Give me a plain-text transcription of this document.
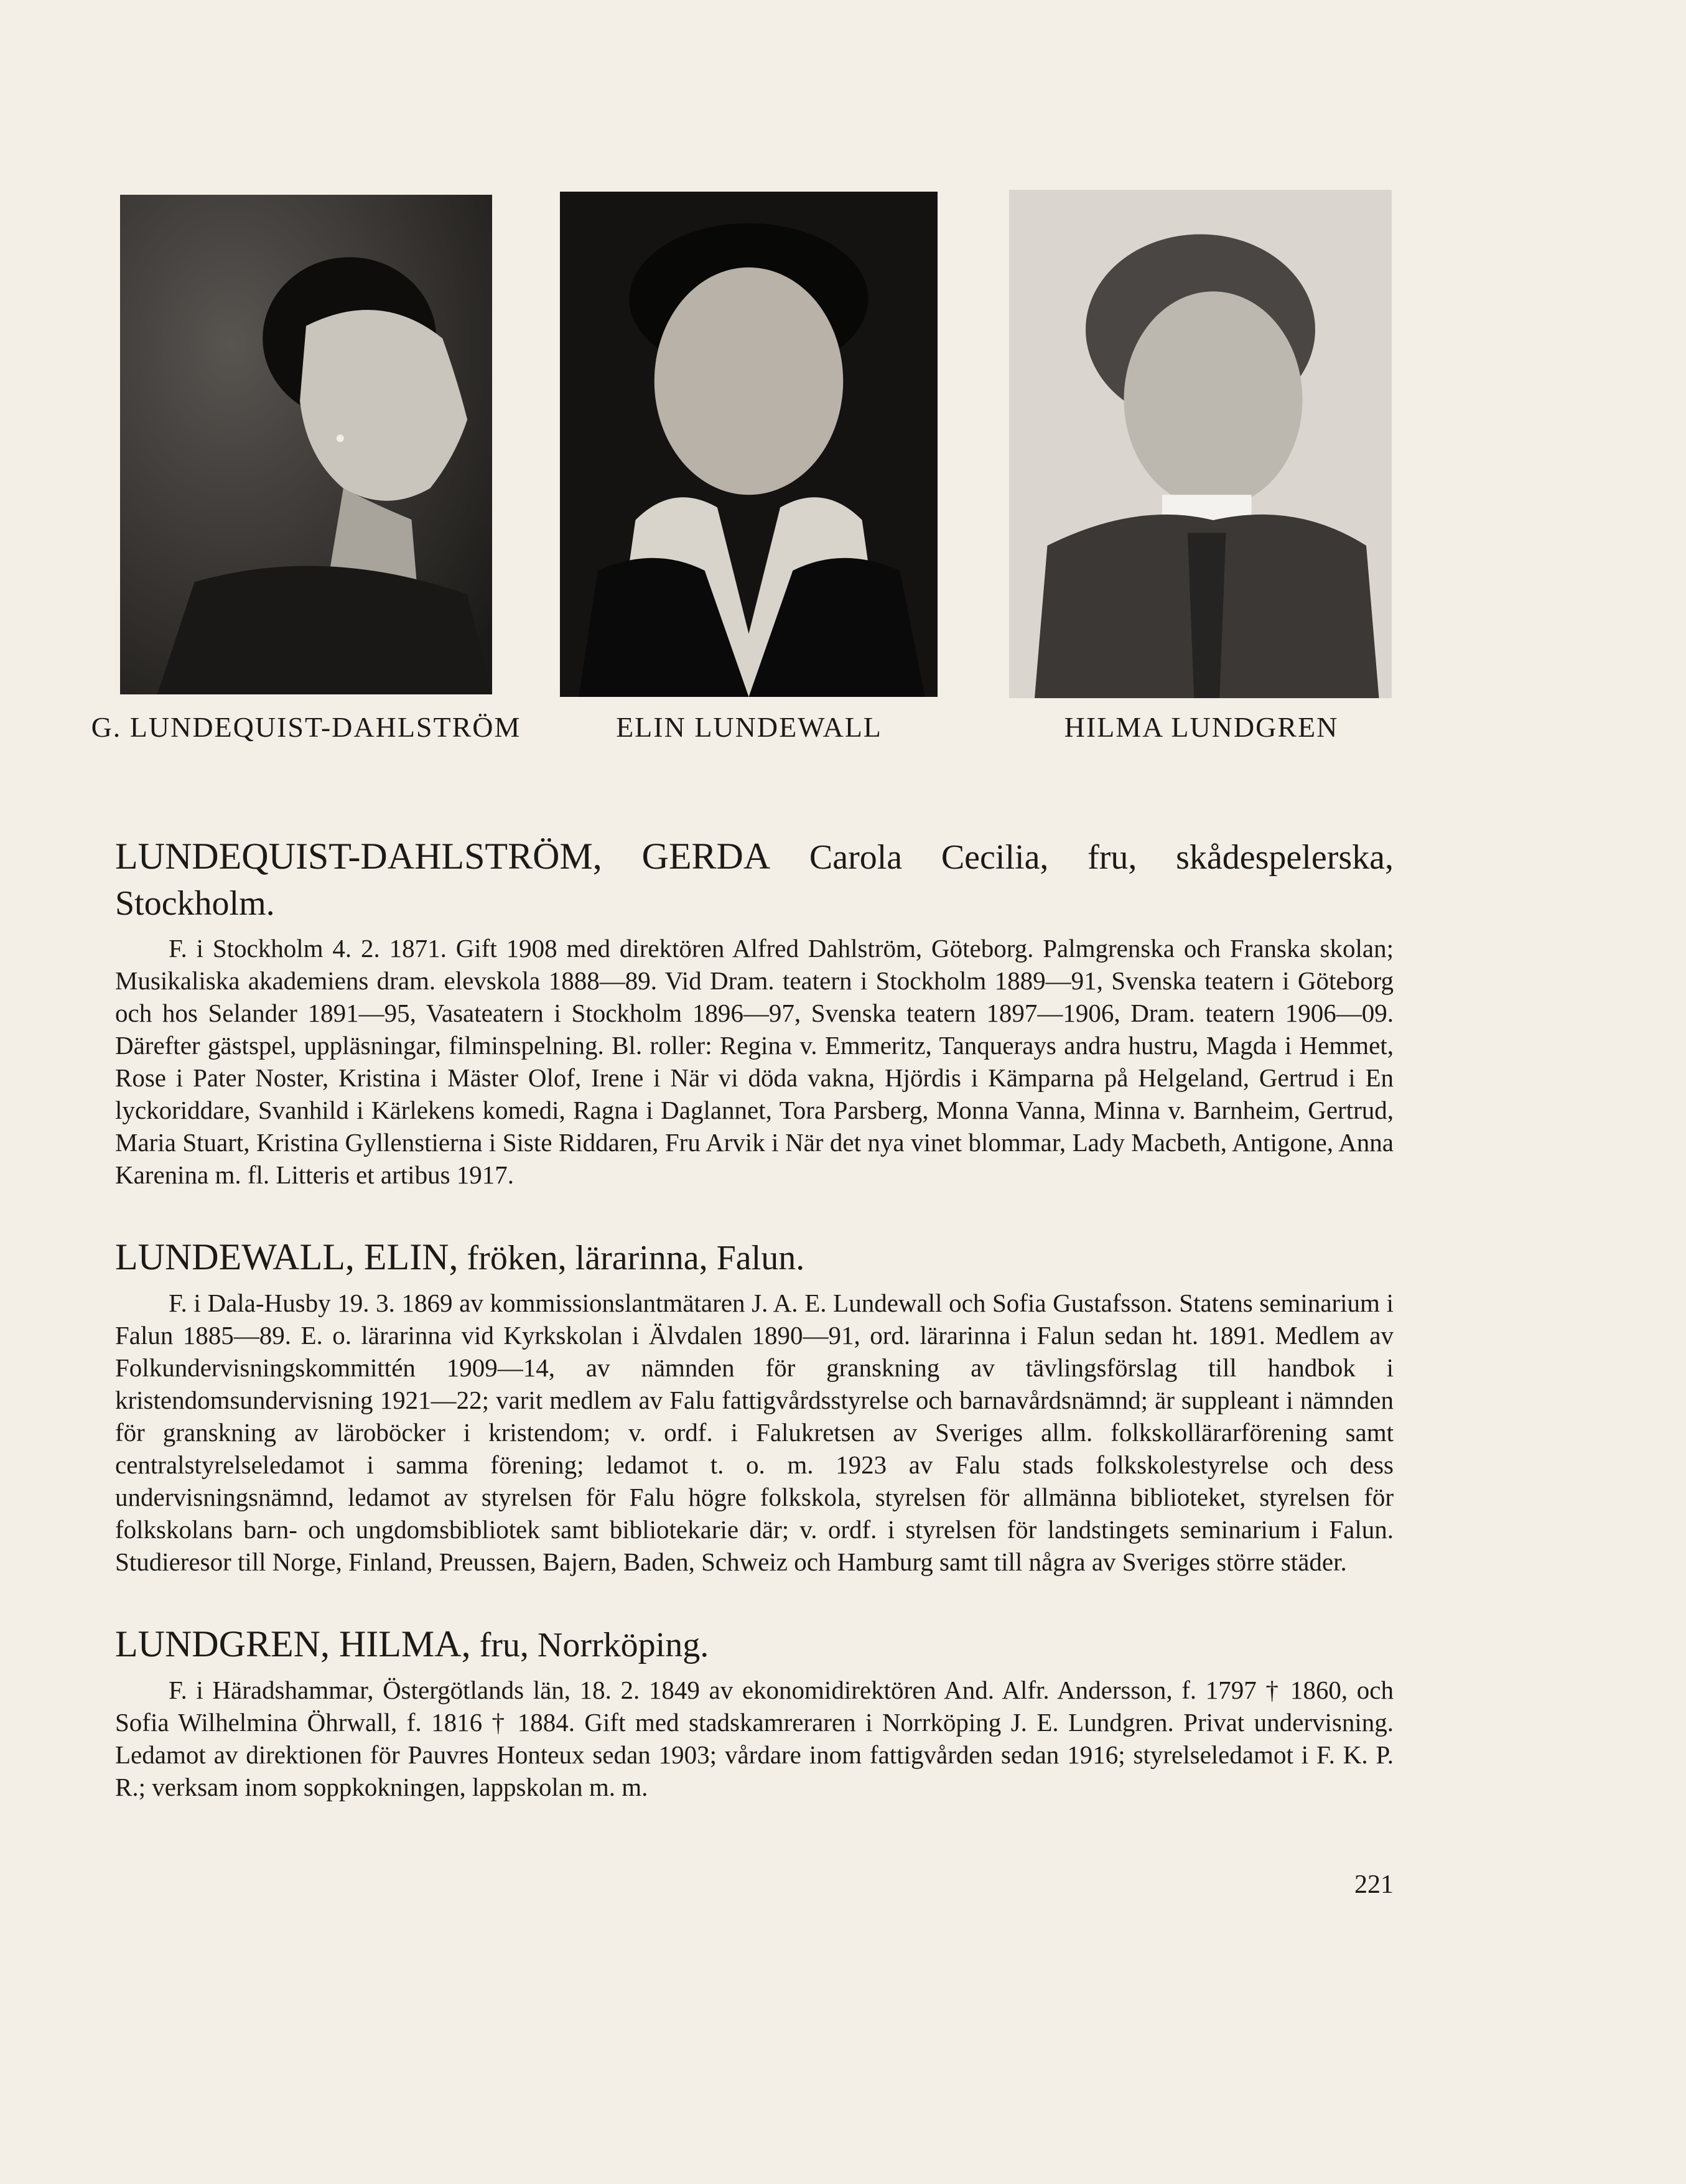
G. LUNDEQUIST-DAHLSTRÖM	ELIN LUNDEWALL	HILMA LUNDGREN

LUNDEQUIST-DAHLSTRÖM, GERDA Carola Cecilia, fru, skådespelerska, Stockholm.

F. i Stockholm 4. 2. 1871. Gift 1908 med direktören Alfred Dahlström, Göteborg. Palmgrenska och Franska skolan; Musikaliska akademiens dram. elevskola 1888—89. Vid Dram. teatern i Stockholm 1889—91, Svenska teatern i Göteborg och hos Selander 1891—95, Vasateatern i Stockholm 1896—97, Svenska teatern 1897—1906, Dram. teatern 1906—09. Därefter gästspel, uppläsningar, filminspelning. Bl. roller: Regina v. Emmeritz, Tanquerays andra hustru, Magda i Hemmet, Rose i Pater Noster, Kristina i Mäster Olof, Irene i När vi döda vakna, Hjördis i Kämparna på Helgeland, Gertrud i En lyckoriddare, Svanhild i Kärlekens komedi, Ragna i Daglannet, Tora Parsberg, Monna Vanna, Minna v. Barnheim, Gertrud, Maria Stuart, Kristina Gyllenstierna i Siste Riddaren, Fru Arvik i När det nya vinet blommar, Lady Macbeth, Antigone, Anna Karenina m. fl. Litteris et artibus 1917.

LUNDEWALL, ELIN, fröken, lärarinna, Falun.

F. i Dala-Husby 19. 3. 1869 av kommissionslantmätaren J. A. E. Lundewall och Sofia Gustafsson. Statens seminarium i Falun 1885—89. E. o. lärarinna vid Kyrkskolan i Älvdalen 1890—91, ord. lärarinna i Falun sedan ht. 1891. Medlem av Folkundervisningskommittén 1909—14, av nämnden för granskning av tävlingsförslag till handbok i kristendomsundervisning 1921—22; varit medlem av Falu fattigvårdsstyrelse och barnavårdsnämnd; är suppleant i nämnden för granskning av läroböcker i kristendom; v. ordf. i Falukretsen av Sveriges allm. folkskollärarförening samt centralstyrelseledamot i samma förening; ledamot t. o. m. 1923 av Falu stads folkskolestyrelse och dess undervisningsnämnd, ledamot av styrelsen för Falu högre folkskola, styrelsen för allmänna biblioteket, styrelsen för folkskolans barn- och ungdomsbibliotek samt bibliotekarie där; v. ordf. i styrelsen för landstingets seminarium i Falun. Studieresor till Norge, Finland, Preussen, Bajern, Baden, Schweiz och Hamburg samt till några av Sveriges större städer.

LUNDGREN, HILMA, fru, Norrköping.

F. i Häradshammar, Östergötlands län, 18. 2. 1849 av ekonomidirektören And. Alfr. Andersson, f. 1797 † 1860, och Sofia Wilhelmina Öhrwall, f. 1816 † 1884. Gift med stadskamreraren i Norrköping J. E. Lundgren. Privat undervisning. Ledamot av direktionen för Pauvres Honteux sedan 1903; vårdare inom fattigvården sedan 1916; styrelseledamot i F. K. P. R.; verksam inom soppkokningen, lappskolan m. m.

221
